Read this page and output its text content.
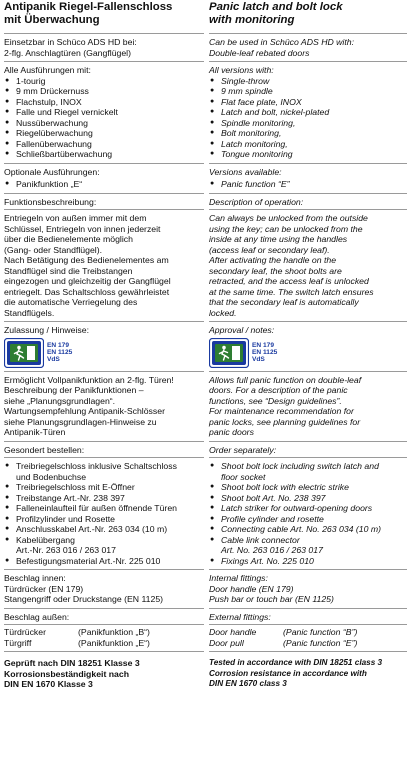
Antipanik Riegel-Fallenschloss
mit Überwachung
Einsetzbar in Schüco ADS HD bei:
2-flg. Anschlagtüren (Gangflügel)
Alle Ausführungen mit:
● 1-tourig
● 9 mm Drückernuss
● Flachstulp, INOX
● Falle und Riegel vernickelt
● Nussüberwachung
● Riegelüberwachung
● Fallenüberwachung
● Schließbartüberwachung
Optionale Ausführungen:
● Panikfunktion „E“
Funktionsbeschreibung:
Entriegeln von außen immer mit dem
Schlüssel, Entriegeln von innen jederzeit
über die Bedienelemente möglich
(Gang- oder Standflügel).
Nach Betätigung des Bedienelementes am
Standflügel sind die Treibstangen
eingezogen und gleichzeitig der Gangflügel
entriegelt. Das Schaltschloss gewährleistet
die automatische Verriegelung des
Standflügels.
Zulassung / Hinweise:
EN 179
EN 1125
VdS
Ermöglicht Vollpanikfunktion an 2-flg. Türen!
Beschreibung der Panikfunktionen –
siehe „Planungsgrundlagen“.
Wartungsempfehlung Antipanik-Schlösser
siehe Planungsgrundlagen-Hinweise zu
Antipanik-Türen
Gesondert bestellen:
● Treibriegelschloss inklusive Schaltschloss
und Bodenbuchse
● Treibriegelschloss mit E-Öffner
● Treibstange Art.-Nr. 238 397
● Falleneinlaufteil für außen öffnende Türen
● Profilzylinder und Rosette
● Anschlusskabel Art.-Nr. 263 034 (10 m)
● Kabelübergang
Art.-Nr. 263 016 / 263 017
● Befestigungsmaterial Art.-Nr. 225 010
Beschlag innen:
Türdrücker (EN 179)
Stangengriff oder Druckstange (EN 1125)
Beschlag außen:
Türdrücker	(Panikfunktion „B“)
Türgriff	(Panikfunktion „E“)
Geprüft nach DIN 18251 Klasse 3
Korrosionsbeständigkeit nach
DIN EN 1670 Klasse 3
Panic latch and bolt lock
with monitoring
Can be used in Schüco ADS HD with:
Double-leaf rebated doors
All versions with:
● Single-throw
● 9 mm spindle
● Flat face plate, INOX
● Latch and bolt, nickel-plated
● Spindle monitoring,
● Bolt monitoring,
● Latch monitoring,
● Tongue monitoring
Versions available:
● Panic function “E”
Description of operation:
Can always be unlocked from the outside
using the key; can be unlocked from the
inside at any time using the handles
(access leaf or secondary leaf).
After activating the handle on the
secondary leaf, the shoot bolts are
retracted, and the access leaf is unlocked
at the same time. The switch latch ensures
that the secondary leaf is automatically
locked.
Approval / notes:
EN 179
EN 1125
VdS
Allows full panic function on double-leaf
doors. For a description of the panic
functions, see “Design guidelines”.
For maintenance recommendation for
panic locks, see planning guidelines for
panic doors
Order separately:
● Shoot bolt lock including switch latch and
floor socket
● Shoot bolt lock with electric strike
● Shoot bolt Art. No. 238 397
● Latch striker for outward-opening doors
● Profile cylinder and rosette
● Connecting cable Art. No. 263 034 (10 m)
● Cable link connector
Art. No. 263 016 / 263 017
● Fixings Art. No. 225 010
Internal fittings:
Door handle (EN 179)
Push bar or touch bar (EN 1125)
External fittings:
Door handle	(Panic function “B”)
Door pull	(Panic function “E”)
Tested in accordance with DIN 18251 class 3
Corrosion resistance in accordance with
DIN EN 1670 class 3
